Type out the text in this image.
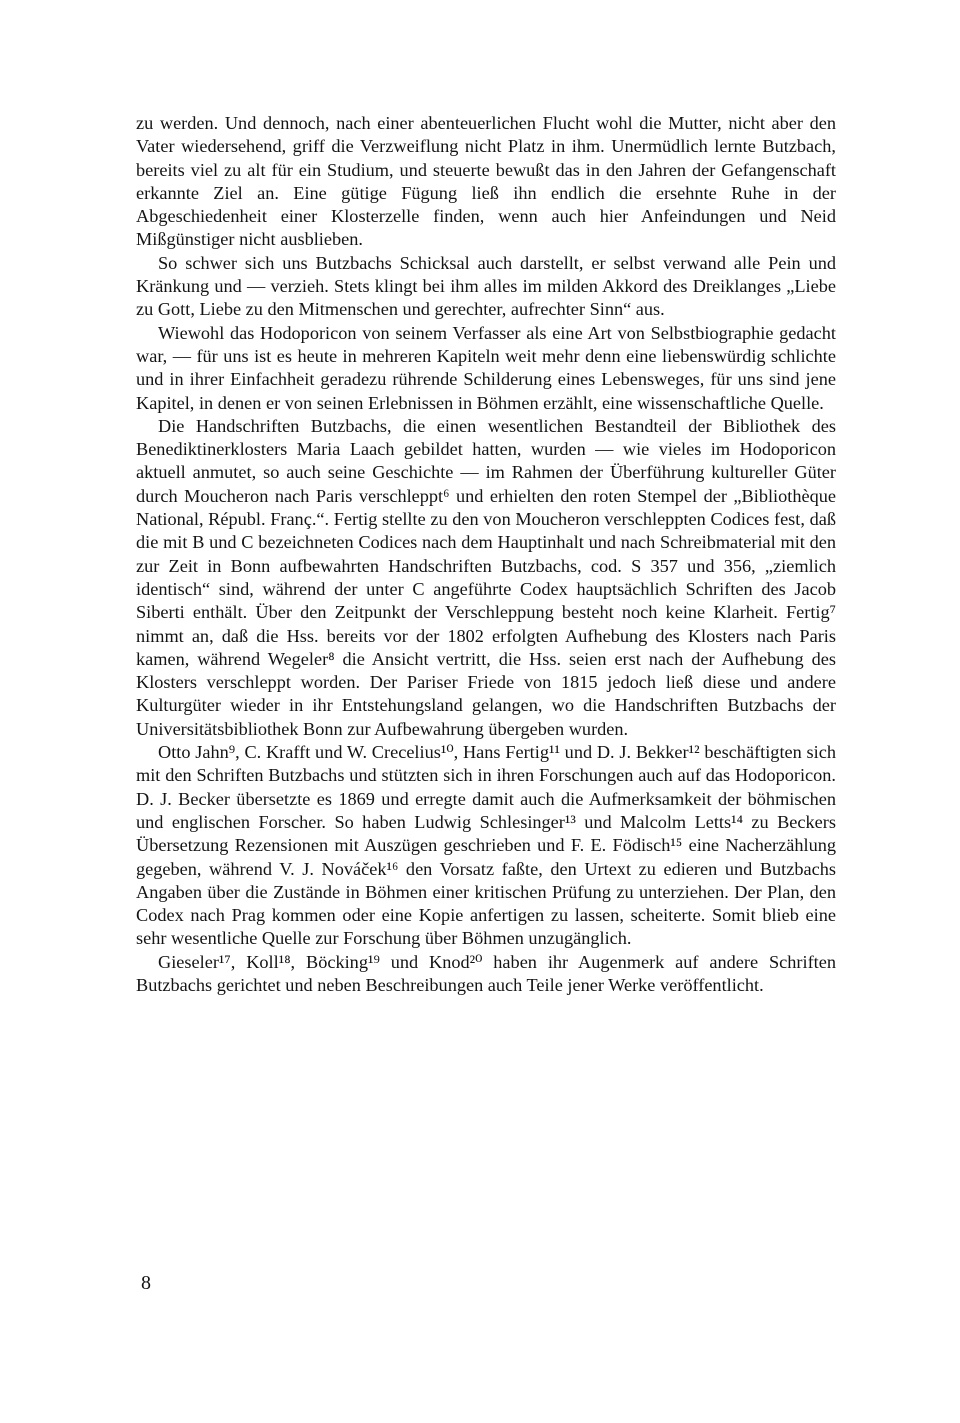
zu werden. Und dennoch, nach einer abenteuerlichen Flucht wohl die Mutter, nicht aber den Vater wiedersehend, griff die Verzweiflung nicht Platz in ihm. Unermüdlich lernte Butzbach, bereits viel zu alt für ein Studium, und steuerte bewußt das in den Jahren der Gefangenschaft erkannte Ziel an. Eine gütige Fügung ließ ihn endlich die ersehnte Ruhe in der Abgeschiedenheit einer Klosterzelle finden, wenn auch hier Anfeindungen und Neid Mißgünstiger nicht ausblieben.

So schwer sich uns Butzbachs Schicksal auch darstellt, er selbst verwand alle Pein und Kränkung und — verzieh. Stets klingt bei ihm alles im milden Akkord des Dreiklanges „Liebe zu Gott, Liebe zu den Mitmenschen und gerechter, aufrechter Sinn“ aus.

Wiewohl das Hodoporicon von seinem Verfasser als eine Art von Selbstbiographie gedacht war, — für uns ist es heute in mehreren Kapiteln weit mehr denn eine liebenswürdig schlichte und in ihrer Einfachheit geradezu rührende Schilderung eines Lebensweges, für uns sind jene Kapitel, in denen er von seinen Erlebnissen in Böhmen erzählt, eine wissenschaftliche Quelle.

Die Handschriften Butzbachs, die einen wesentlichen Bestandteil der Bibliothek des Benediktinerklosters Maria Laach gebildet hatten, wurden — wie vieles im Hodoporicon aktuell anmutet, so auch seine Geschichte — im Rahmen der Überführung kultureller Güter durch Moucheron nach Paris verschleppt⁶ und erhielten den roten Stempel der „Bibliothèque National, Républ. Franç.“. Fertig stellte zu den von Moucheron verschleppten Codices fest, daß die mit B und C bezeichneten Codices nach dem Hauptinhalt und nach Schreibmaterial mit den zur Zeit in Bonn aufbewahrten Handschriften Butzbachs, cod. S 357 und 356, „ziemlich identisch“ sind, während der unter C angeführte Codex hauptsächlich Schriften des Jacob Siberti enthält. Über den Zeitpunkt der Verschleppung besteht noch keine Klarheit. Fertig⁷ nimmt an, daß die Hss. bereits vor der 1802 erfolgten Aufhebung des Klosters nach Paris kamen, während Wegeler⁸ die Ansicht vertritt, die Hss. seien erst nach der Aufhebung des Klosters verschleppt worden. Der Pariser Friede von 1815 jedoch ließ diese und andere Kulturgüter wieder in ihr Entstehungsland gelangen, wo die Handschriften Butzbachs der Universitätsbibliothek Bonn zur Aufbewahrung übergeben wurden.

Otto Jahn⁹, C. Krafft und W. Crecelius¹⁰, Hans Fertig¹¹ und D. J. Bekker¹² beschäftigten sich mit den Schriften Butzbachs und stützten sich in ihren Forschungen auch auf das Hodoporicon. D. J. Becker übersetzte es 1869 und erregte damit auch die Aufmerksamkeit der böhmischen und englischen Forscher. So haben Ludwig Schlesinger¹³ und Malcolm Letts¹⁴ zu Beckers Übersetzung Rezensionen mit Auszügen geschrieben und F. E. Födisch¹⁵ eine Nacherzählung gegeben, während V. J. Nováček¹⁶ den Vorsatz faßte, den Urtext zu edieren und Butzbachs Angaben über die Zustände in Böhmen einer kritischen Prüfung zu unterziehen. Der Plan, den Codex nach Prag kommen oder eine Kopie anfertigen zu lassen, scheiterte. Somit blieb eine sehr wesentliche Quelle zur Forschung über Böhmen unzugänglich.

Gieseler¹⁷, Koll¹⁸, Böcking¹⁹ und Knod²⁰ haben ihr Augenmerk auf andere Schriften Butzbachs gerichtet und neben Beschreibungen auch Teile jener Werke veröffentlicht.

8
